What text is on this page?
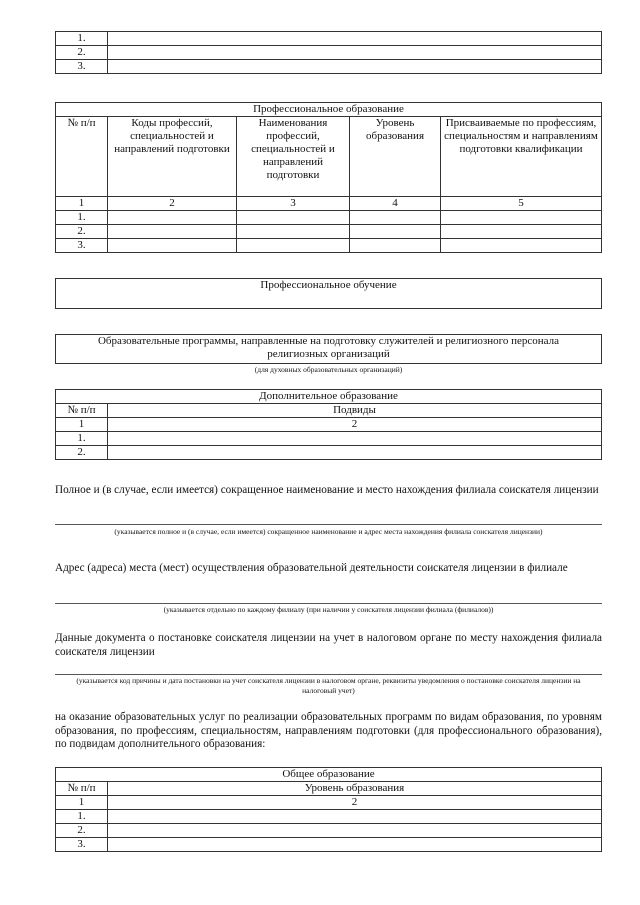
1.	
2.	
3.	
Профессиональное образование				
№ п/п	Коды профессий, специальностей и направлений подготовки	Наименования профессий, специальностей и направлений подготовки	Уровень образования	Присваиваемые по профессиям, специальностям и направлениям подготовки квалификации
1	2	3	4	5
1.				
2.				
3.				
Профессиональное обучение
Образовательные программы, направленные на подготовку служителей и религиозного персонала религиозных организаций
(для духовных образовательных организаций)
Дополнительное образование	
№ п/п	Подвиды
1	2
1.	
2.	

Полное и (в случае, если имеется) сокращенное наименование и место нахождения филиала соискателя лицензии

(указывается полное и (в случае, если имеется) сокращенное наименование и адрес места нахождения филиала соискателя лицензии)

Адрес (адреса) места (мест) осуществления образовательной деятельности соискателя лицензии в филиале

(указывается отдельно по каждому филиалу (при наличии у соискателя лицензии филиала (филиалов))

Данные документа о постановке соискателя лицензии на учет в налоговом органе по месту нахождения филиала соискателя лицензии

(указывается код причины и дата постановки на учет соискателя лицензии в налоговом органе, реквизиты уведомления о постановке соискателя лицензии на налоговый учет)

на оказание образовательных услуг по реализации образовательных программ по видам образования, по уровням образования, по профессиям, специальностям, направлениям подготовки (для профессионального образования), по подвидам дополнительного образования:

Общее образование	
№ п/п	Уровень образования
1	2
1.	
2.	
3.	
